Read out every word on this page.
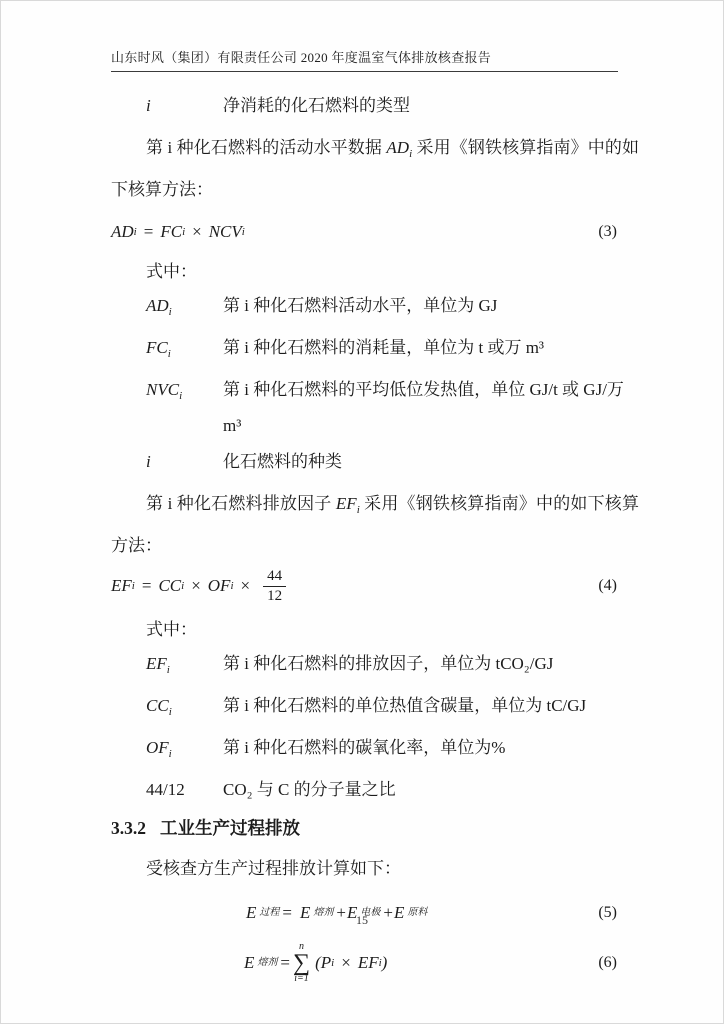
山东时风（集团）有限责任公司 2020 年度温室气体排放核查报告
i	净消耗的化石燃料的类型

第 i 种化石燃料的活动水平数据 $AD_i$ 采用《钢铁核算指南》中的如下核算方法：

AD i = FC i × NCV i	(3)
式中：
$AD_i$	第 i 种化石燃料活动水平，单位为 GJ
$FC_i$	第 i 种化石燃料的消耗量，单位为 t 或万 m³
$NVC_i$	第 i 种化石燃料的平均低位发热值，单位 GJ/t 或 GJ/万 m³
i	化石燃料的种类

第 i 种化石燃料排放因子 $EF_i$ 采用《钢铁核算指南》中的如下核算方法：

EF i = CC i × OF $i \times \frac{44}{12}$	(4)
式中：
$EF_i$	第 i 种化石燃料的排放因子，单位为 tCO₂/GJ
$CC_i$	第 i 种化石燃料的单位热值含碳量，单位为 tC/GJ
$OF_i$	第 i 种化石燃料的碳氧化率，单位为%
44/12	CO₂ 与 C 的分子量之比
3.3.2 工业生产过程排放

受核查方生产过程排放计算如下：

E 过程 = E 熔剂 + E 电极 + E 原料	(5)
E 熔剂 =
n
∑
i=1
( P i × EF i )	(6)
15
